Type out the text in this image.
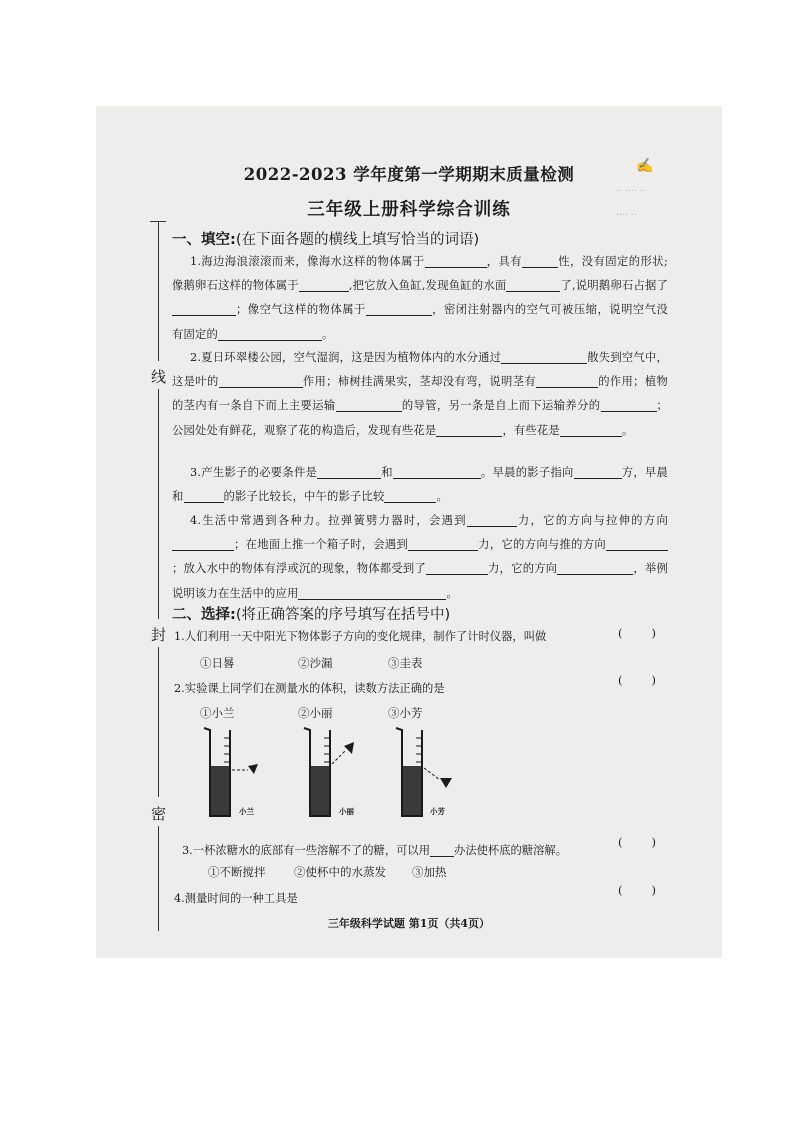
✍
‥ ‥‥ ‥
‥‥ ‥
线
封
密
2022-2023 学年度第一学期期末质量检测
三年级上册科学综合训练
一、填空:(在下面各题的横线上填写恰当的词语)
1.海边海浪滚滚而来，像海水这样的物体属于	，具有	性，没有固定的形状;像鹅卵石这样的物体属于	,把它放入鱼缸,发现鱼缸的水面	了,说明鹅卵石占据了；像空气这样的物体属于	，密闭注射器内的空气可被压缩，说明空气没有固定的	。
2.夏日环翠楼公园，空气湿润，这是因为植物体内的水分通过	散失到空气中，这是叶的	作用；柿树挂满果实，茎却没有弯，说明茎有	的作用；植物的茎内有一条自下而上主要运输	的导管，另一条是自上而下运输养分的	；公园处处有鲜花，观察了花的构造后，发现有些花是	，有些花是	。
3.产生影子的必要条件是	和	。早晨的影子指向	方，早晨和	的影子比较长，中午的影子比较	。
4.生活中常遇到各种力。拉弹簧劈力器时，会遇到	力，它的方向与拉伸的方向；在地面上推一个箱子时，会遇到	力，它的方向与推的方向；放入水中的物体有浮或沉的现象，物体都受到了	力，它的方向	，举例说明该力在生活中的应用	。
二、选择:(将正确答案的序号填写在括号中)
1.人们利用一天中阳光下物体影子方向的变化规律，制作了计时仪器，叫做	(　　)
①日晷	②沙漏	③圭表
2.实验课上同学们在测量水的体积，读数方法正确的是
(　　)
①小兰	②小丽	③小芳
小兰	小丽	小芳
3.一杯浓糖水的底部有一些溶解不了的糖，可以用 办法使杯底的糖溶解。
(　　)
①不断搅拌 ②使杯中的水蒸发 ③加热
4.测量时间的一种工具是
(　　)
三年级科学试题 第1页（共4页）
